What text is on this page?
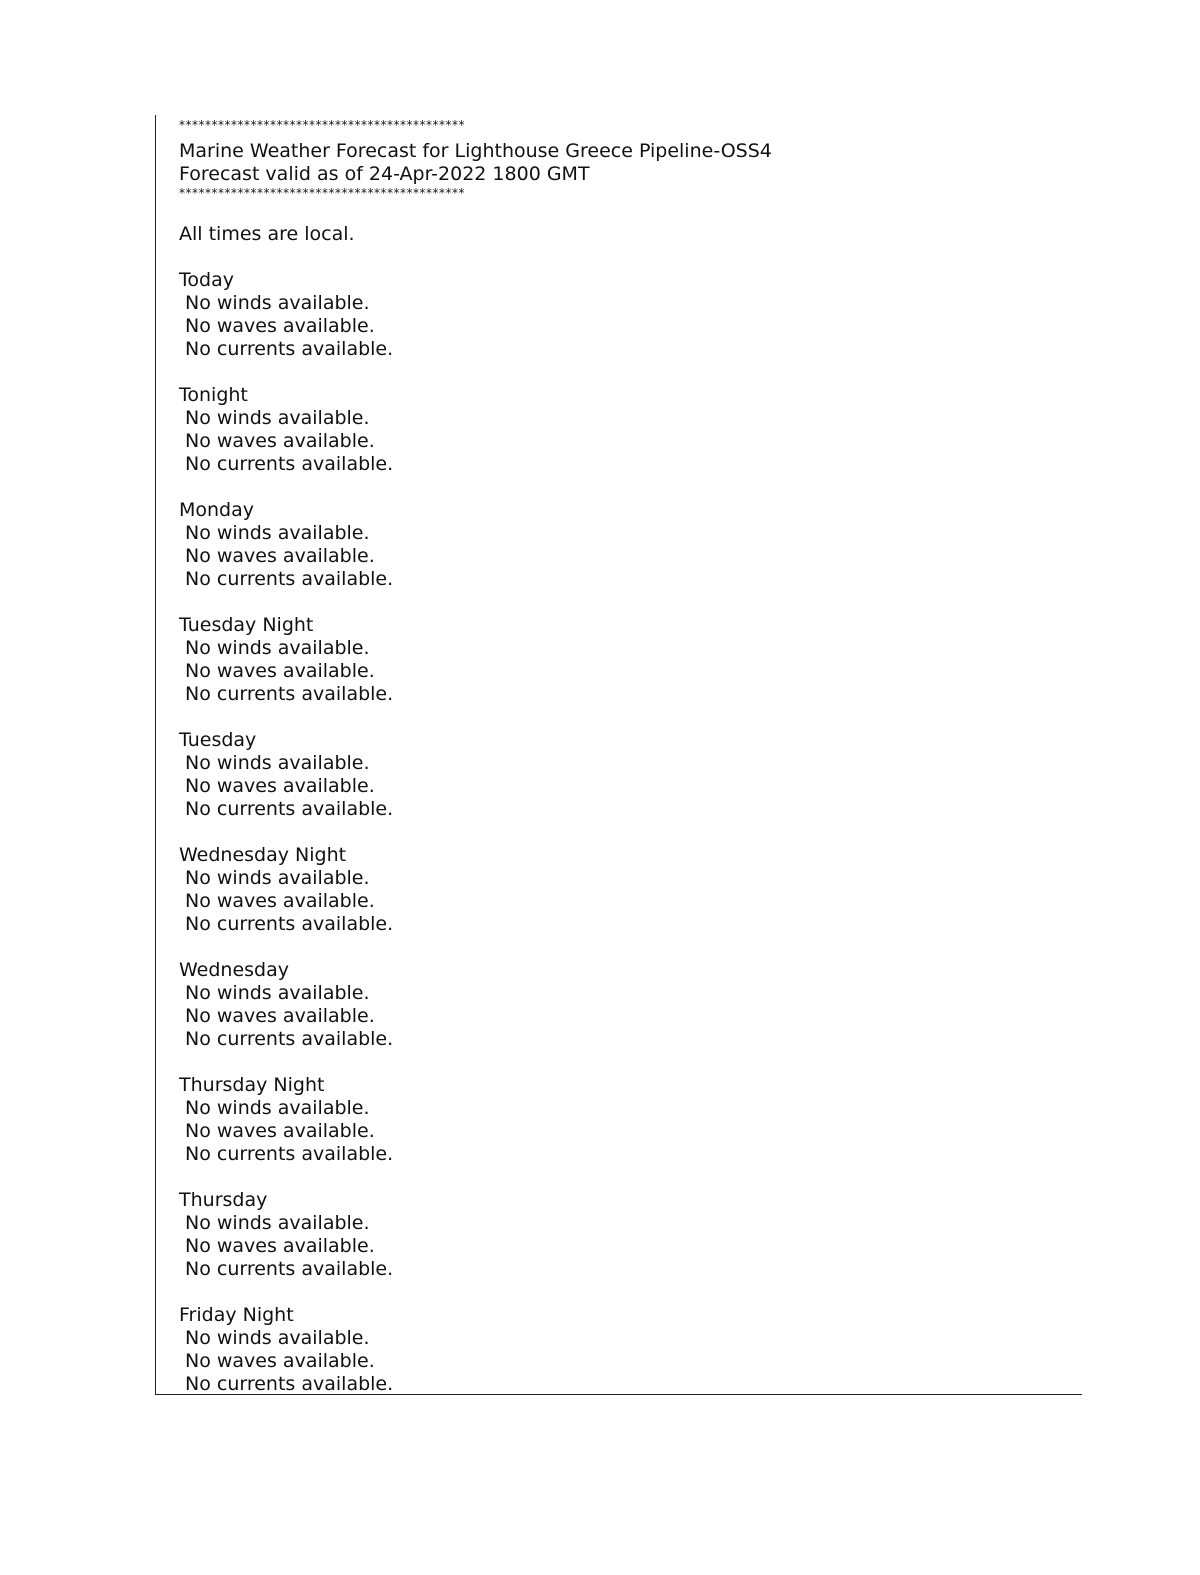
********************************************
Marine Weather Forecast for Lighthouse Greece Pipeline-OSS4
Forecast valid as of 24-Apr-2022 1800 GMT
********************************************
All times are local.
Today
No winds available.
No waves available.
No currents available.
Tonight
No winds available.
No waves available.
No currents available.
Monday
No winds available.
No waves available.
No currents available.
Tuesday Night
No winds available.
No waves available.
No currents available.
Tuesday
No winds available.
No waves available.
No currents available.
Wednesday Night
No winds available.
No waves available.
No currents available.
Wednesday
No winds available.
No waves available.
No currents available.
Thursday Night
No winds available.
No waves available.
No currents available.
Thursday
No winds available.
No waves available.
No currents available.
Friday Night
No winds available.
No waves available.
No currents available.
